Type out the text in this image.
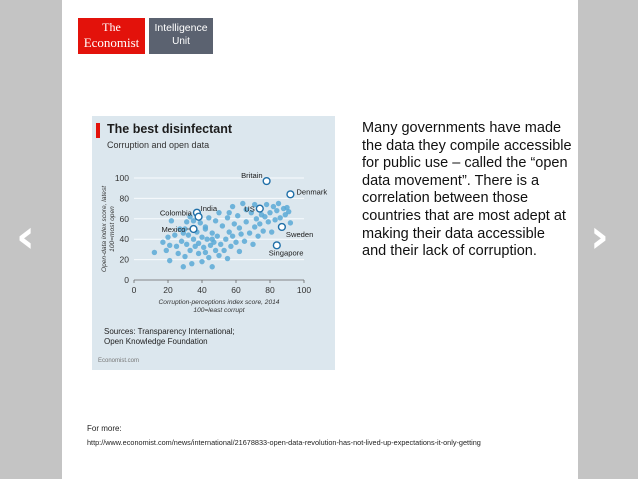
‹	›
The
Economist
Intelligence
Unit
0
20
40
60
80
100
0	20	40	60	80	100
Corruption-perceptions index score, 2014
100=least corrupt
Open-data index score, latest 100=most open
Britain
Denmark
Colombia
India	US
Mexico
Sweden
Singapore
The best disinfectant
Corruption and open data
Sources: Transparency International;
Open Knowledge Foundation
Economist.com
Many governments have made the data they compile accessible for public use – called the “open data movement”. There is a correlation between those countries that are most adept at making their data accessible and their lack of corruption.
For more:
http://www.economist.com/news/international/21678833-open-data-revolution-has-not-lived-up-expectations-it-only-getting
